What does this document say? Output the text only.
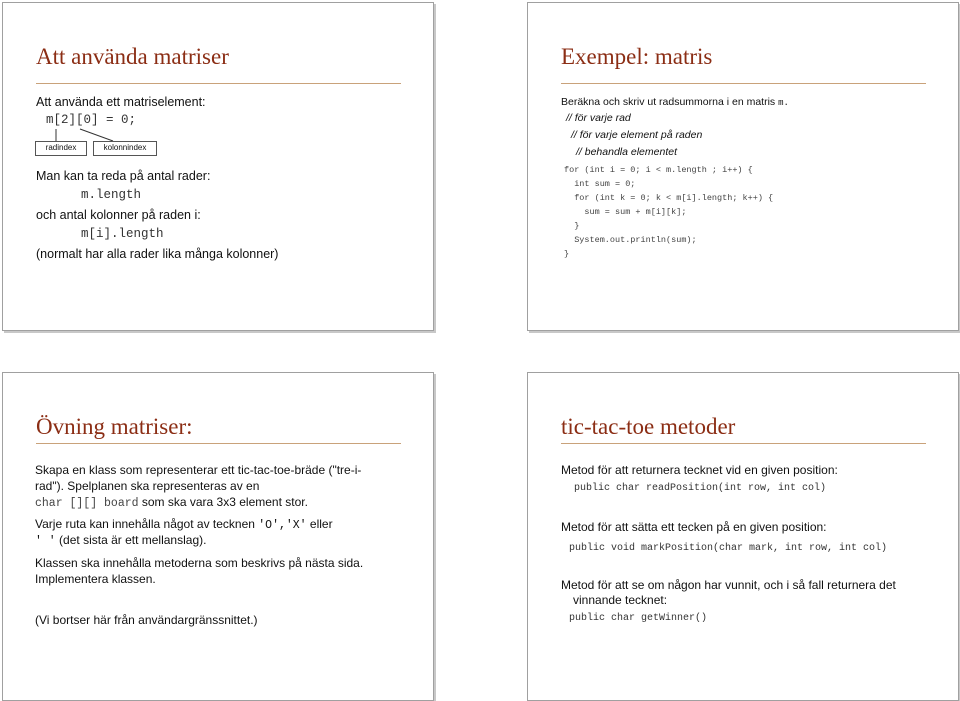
Att använda matriser
Att använda ett matriselement:
m[2][0] = 0;
radindex	kolonnindex
Man kan ta reda på antal rader:
m.length
och antal kolonner på raden i:
m[i].length
(normalt har alla rader lika många kolonner)
Exempel: matris
Beräkna och skriv ut radsummorna i en matris m.
// för varje rad
// för varje element på raden
// behandla elementet
for (int i = 0; i < m.length ; i++) {
int sum = 0;
for (int k = 0; k < m[i].length; k++) {
sum = sum + m[i][k];
}
System.out.println(sum);
}
Övning matriser:
Skapa en klass som representerar ett tic-tac-toe-bräde ("tre-i-
rad"). Spelplanen ska representeras av en
char [][] board som ska vara 3x3 element stor.
Varje ruta kan innehålla något av tecknen 'O','X' eller
' ' (det sista är ett mellanslag).
Klassen ska innehålla metoderna som beskrivs på nästa sida.
Implementera klassen.
(Vi bortser här från användargränssnittet.)
tic-tac-toe metoder
Metod för att returnera tecknet vid en given position:
public char readPosition(int row, int col)
Metod för att sätta ett tecken på en given position:
public void markPosition(char mark, int row, int col)
Metod för att se om någon har vunnit, och i så fall returnera det
vinnande tecknet:
public char getWinner()
